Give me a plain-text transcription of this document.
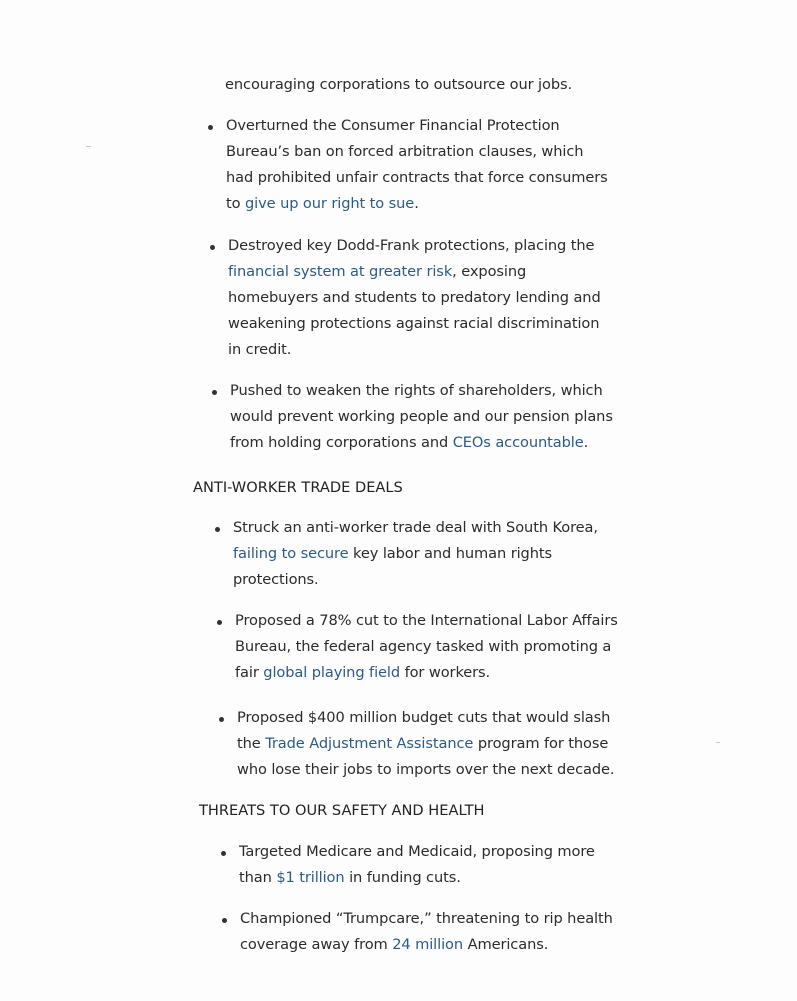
encouraging corporations to outsource our jobs.
Overturned the Consumer Financial Protection Bureau’s ban on forced arbitration clauses, which had prohibited unfair contracts that force consumers to give up our right to sue.
Destroyed key Dodd-Frank protections, placing the financial system at greater risk, exposing homebuyers and students to predatory lending and weakening protections against racial discrimination in credit.
Pushed to weaken the rights of shareholders, which would prevent working people and our pension plans from holding corporations and CEOs accountable.
ANTI-WORKER TRADE DEALS
Struck an anti-worker trade deal with South Korea, failing to secure key labor and human rights protections.
Proposed a 78% cut to the International Labor Affairs Bureau, the federal agency tasked with promoting a fair global playing field for workers.
Proposed $400 million budget cuts that would slash the Trade Adjustment Assistance program for those who lose their jobs to imports over the next decade.
THREATS TO OUR SAFETY AND HEALTH
Targeted Medicare and Medicaid, proposing more than $1 trillion in funding cuts.
Championed “Trumpcare,” threatening to rip health coverage away from 24 million Americans.
